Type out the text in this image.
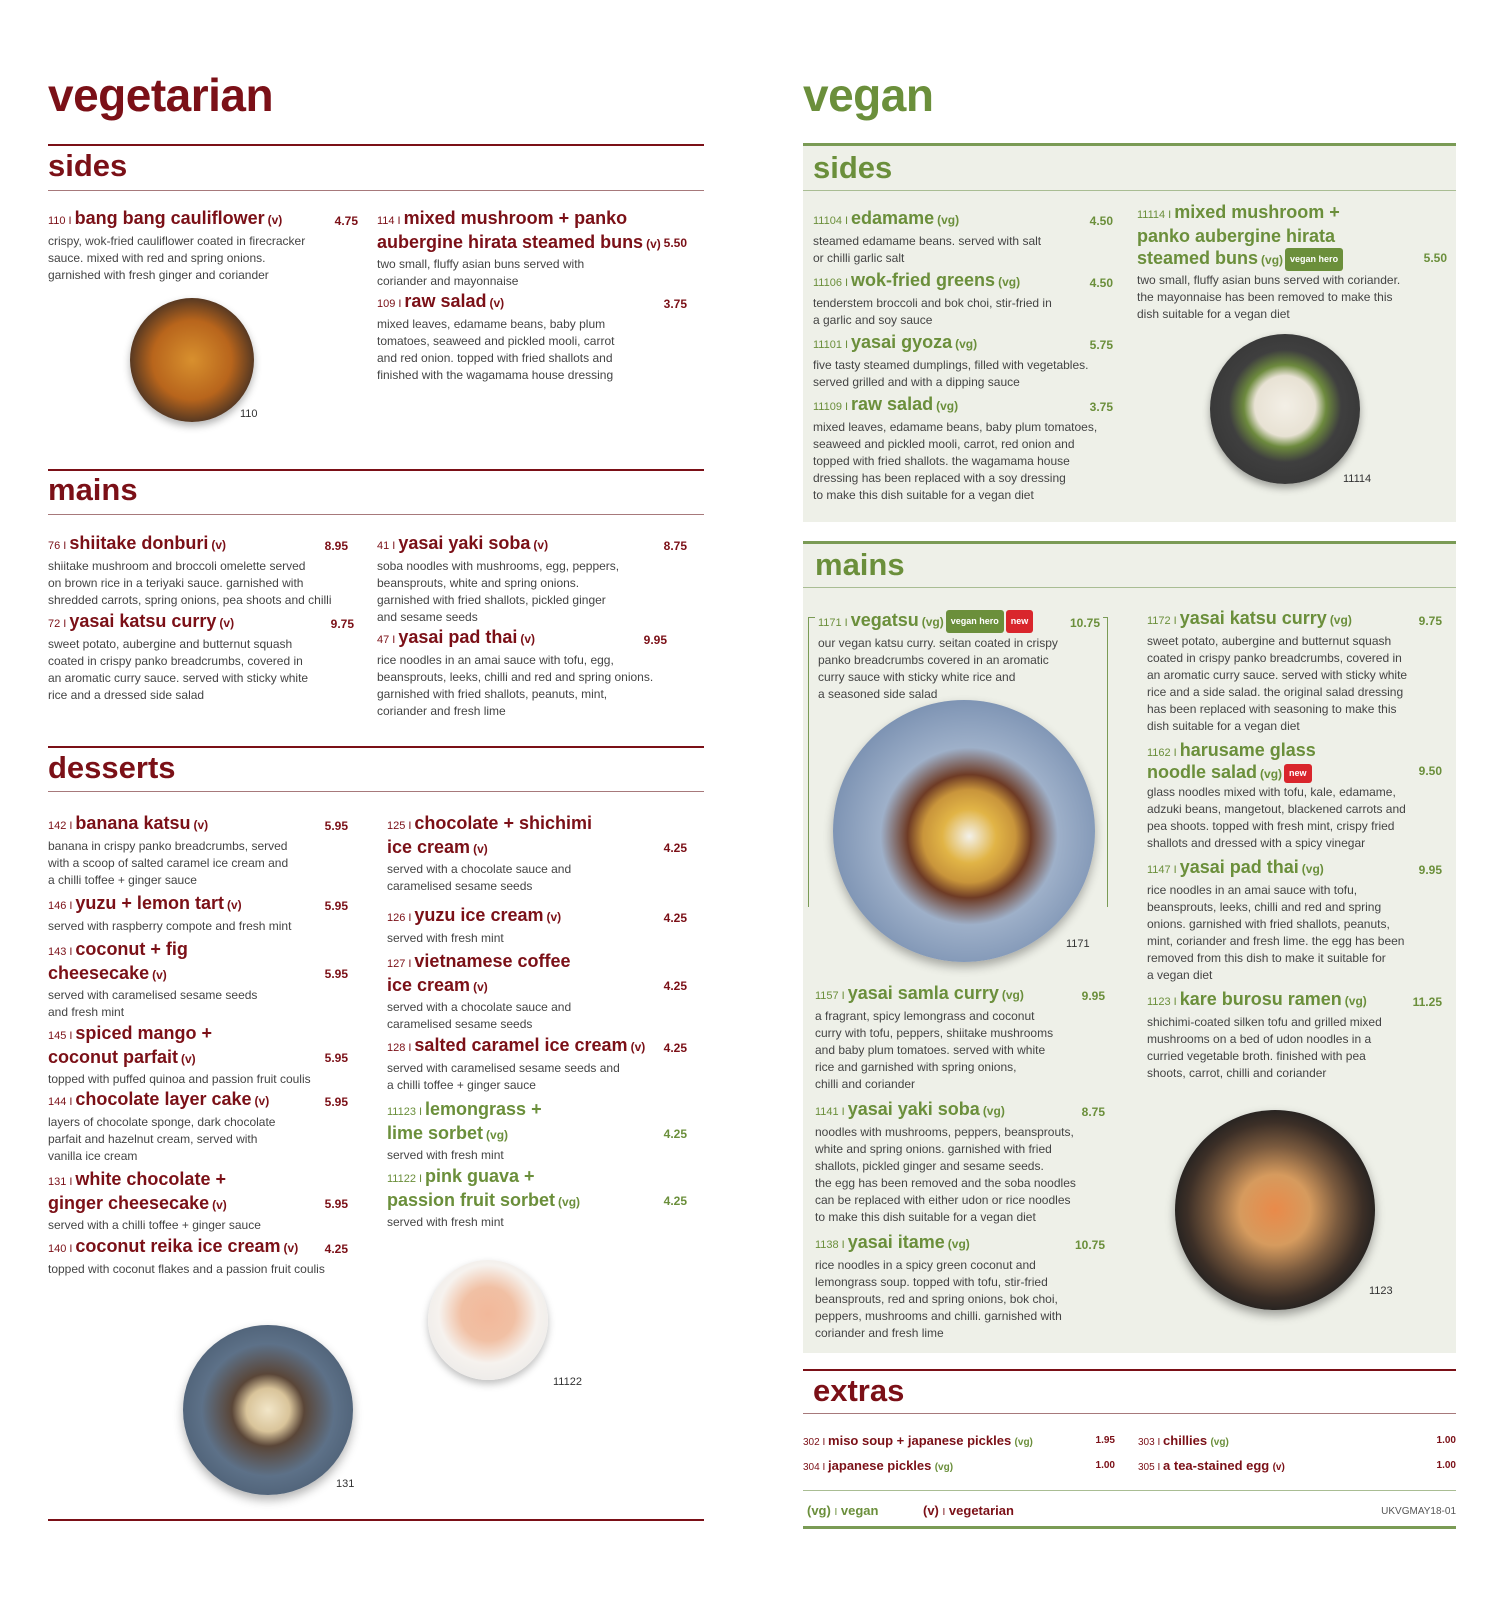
vegetarian
sides
110 I bang bang cauliflower (v)	4.75
crispy, wok-fried cauliflower coated in firecracker
sauce. mixed with red and spring onions.
garnished with fresh ginger and coriander
114 I mixed mushroom + panko
aubergine hirata steamed buns (v) 5.50
two small, fluffy asian buns served with
coriander and mayonnaise
109 I raw salad (v)	3.75
mixed leaves, edamame beans, baby plum
tomatoes, seaweed and pickled mooli, carrot
and red onion. topped with fried shallots and
finished with the wagamama house dressing
110
mains
76 I shiitake donburi (v)	8.95
shiitake mushroom and broccoli omelette served
on brown rice in a teriyaki sauce. garnished with
shredded carrots, spring onions, pea shoots and chilli
72 I yasai katsu curry (v)	9.75
sweet potato, aubergine and butternut squash
coated in crispy panko breadcrumbs, covered in
an aromatic curry sauce. served with sticky white
rice and a dressed side salad
41 I yasai yaki soba (v)	8.75
soba noodles with mushrooms, egg, peppers,
beansprouts, white and spring onions.
garnished with fried shallots, pickled ginger
and sesame seeds
47 I yasai pad thai (v)	9.95
rice noodles in an amai sauce with tofu, egg,
beansprouts, leeks, chilli and red and spring onions.
garnished with fried shallots, peanuts, mint,
coriander and fresh lime
desserts
142 I banana katsu (v)	5.95
banana in crispy panko breadcrumbs, served
with a scoop of salted caramel ice cream and
a chilli toffee + ginger sauce
146 I yuzu + lemon tart (v)	5.95
served with raspberry compote and fresh mint
143 I coconut + fig
cheesecake (v)	5.95
served with caramelised sesame seeds
and fresh mint
145 I spiced mango +
coconut parfait (v)	5.95
topped with puffed quinoa and passion fruit coulis
144 I chocolate layer cake (v)	5.95
layers of chocolate sponge, dark chocolate
parfait and hazelnut cream, served with
vanilla ice cream
131 I white chocolate +
ginger cheesecake (v)	5.95
served with a chilli toffee + ginger sauce
140 I coconut reika ice cream (v) 4.25
topped with coconut flakes and a passion fruit coulis
125 I chocolate + shichimi
ice cream (v)	4.25
served with a chocolate sauce and
caramelised sesame seeds
126 I yuzu ice cream (v)	4.25
served with fresh mint
127 I vietnamese coffee
ice cream (v)	4.25
served with a chocolate sauce and
caramelised sesame seeds
128 I salted caramel ice cream (v) 4.25
served with caramelised sesame seeds and
a chilli toffee + ginger sauce
11123 I lemongrass +
lime sorbet (vg)	4.25
served with fresh mint
11122 I pink guava +
passion fruit sorbet (vg)	4.25
served with fresh mint
11122
131
vegan
sides
11104 I edamame (vg)	4.50
steamed edamame beans. served with salt
or chilli garlic salt
11106 I wok-fried greens (vg)	4.50
tenderstem broccoli and bok choi, stir-fried in
a garlic and soy sauce
11101 I yasai gyoza (vg)	5.75
five tasty steamed dumplings, filled with vegetables.
served grilled and with a dipping sauce
11109 I raw salad (vg)	3.75
mixed leaves, edamame beans, baby plum tomatoes,
seaweed and pickled mooli, carrot, red onion and
topped with fried shallots. the wagamama house
dressing has been replaced with a soy dressing
to make this dish suitable for a vegan diet
11114 I mixed mushroom +
panko aubergine hirata
steamed buns (vg) vegan hero	5.50
two small, fluffy asian buns served with coriander.
the mayonnaise has been removed to make this
dish suitable for a vegan diet
11114
mains
1171 I vegatsu (vg) vegan hero new	10.75
our vegan katsu curry. seitan coated in crispy
panko breadcrumbs covered in an aromatic
curry sauce with sticky white rice and
a seasoned side salad
1171
1157 I yasai samla curry (vg)	9.95
a fragrant, spicy lemongrass and coconut
curry with tofu, peppers, shiitake mushrooms
and baby plum tomatoes. served with white
rice and garnished with spring onions,
chilli and coriander
1141 I yasai yaki soba (vg)	8.75
noodles with mushrooms, peppers, beansprouts,
white and spring onions. garnished with fried
shallots, pickled ginger and sesame seeds.
the egg has been removed and the soba noodles
can be replaced with either udon or rice noodles
to make this dish suitable for a vegan diet
1138 I yasai itame (vg)	10.75
rice noodles in a spicy green coconut and
lemongrass soup. topped with tofu, stir-fried
beansprouts, red and spring onions, bok choi,
peppers, mushrooms and chilli. garnished with
coriander and fresh lime
1172 I yasai katsu curry (vg)	9.75
sweet potato, aubergine and butternut squash
coated in crispy panko breadcrumbs, covered in
an aromatic curry sauce. served with sticky white
rice and a side salad. the original salad dressing
has been replaced with seasoning to make this
dish suitable for a vegan diet
1162 I harusame glass
noodle salad (vg) new	9.50
glass noodles mixed with tofu, kale, edamame,
adzuki beans, mangetout, blackened carrots and
pea shoots. topped with fresh mint, crispy fried
shallots and dressed with a spicy vinegar
1147 I yasai pad thai (vg)	9.95
rice noodles in an amai sauce with tofu,
beansprouts, leeks, chilli and red and spring
onions. garnished with fried shallots, peanuts,
mint, coriander and fresh lime. the egg has been
removed from this dish to make it suitable for
a vegan diet
1123 I kare burosu ramen (vg)	11.25
shichimi-coated silken tofu and grilled mixed
mushrooms on a bed of udon noodles in a
curried vegetable broth. finished with pea
shoots, carrot, chilli and coriander
1123
extras
302 I miso soup + japanese pickles (vg)	1.95
304 I japanese pickles (vg)	1.00
303 I chillies (vg)	1.00
305 I a tea-stained egg (v)	1.00
(vg) I vegan	(v) I vegetarian	UKVGMAY18-01
